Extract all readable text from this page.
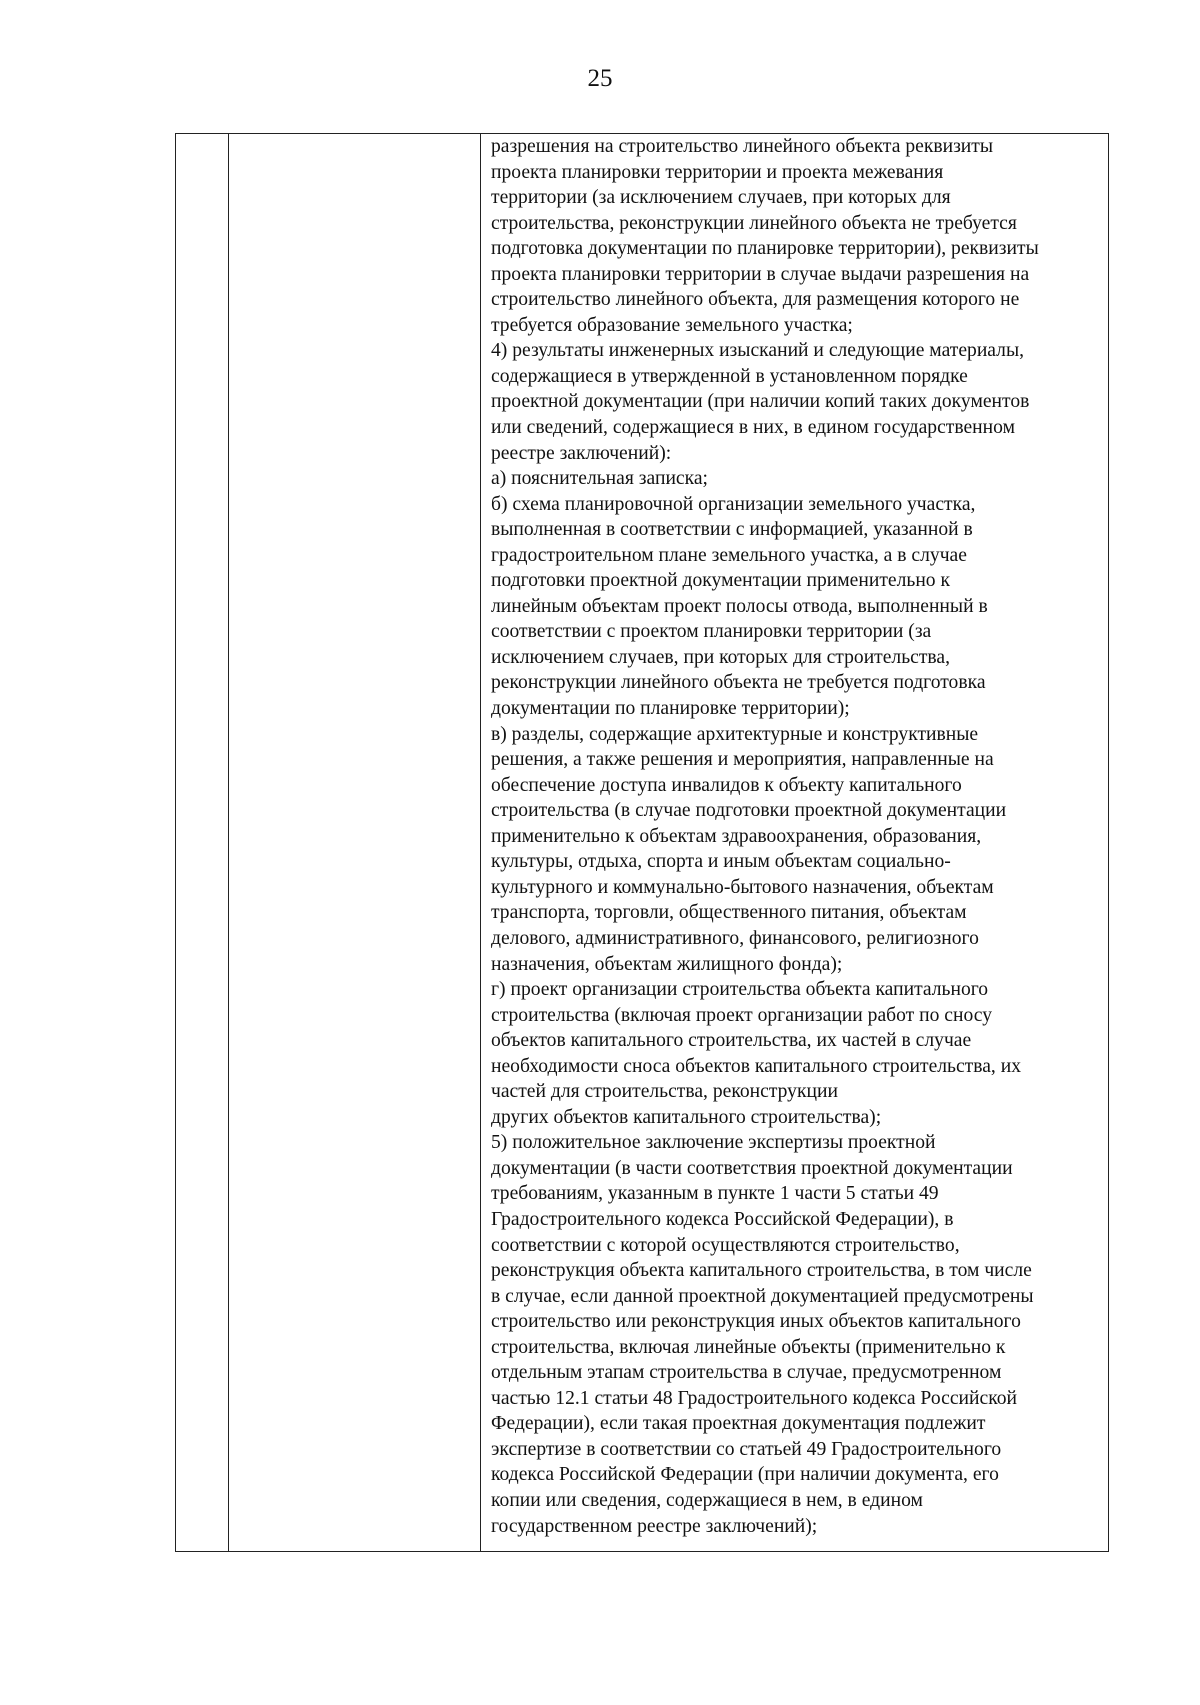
25
разрешения на строительство линейного объекта реквизиты
проекта планировки территории и проекта межевания
территории (за исключением случаев, при которых для
строительства, реконструкции линейного объекта не требуется
подготовка документации по планировке территории), реквизиты
проекта планировки территории в случае выдачи разрешения на
строительство линейного объекта, для размещения которого не
требуется образование земельного участка;
4) результаты инженерных изысканий и следующие материалы,
содержащиеся в утвержденной в установленном порядке
проектной документации (при наличии копий таких документов
или сведений, содержащиеся в них, в едином государственном
реестре заключений):
а) пояснительная записка;
б) схема планировочной организации земельного участка,
выполненная в соответствии с информацией, указанной в
градостроительном плане земельного участка, а в случае
подготовки проектной документации применительно к
линейным объектам проект полосы отвода, выполненный в
соответствии с проектом планировки территории (за
исключением случаев, при которых для строительства,
реконструкции линейного объекта не требуется подготовка
документации по планировке территории);
в) разделы, содержащие архитектурные и конструктивные
решения, а также решения и мероприятия, направленные на
обеспечение доступа инвалидов к объекту капитального
строительства (в случае подготовки проектной документации
применительно к объектам здравоохранения, образования,
культуры, отдыха, спорта и иным объектам социально-
культурного и коммунально-бытового назначения, объектам
транспорта, торговли, общественного питания, объектам
делового, административного, финансового, религиозного
назначения, объектам жилищного фонда);
г) проект организации строительства объекта капитального
строительства (включая проект организации работ по сносу
объектов капитального строительства, их частей в случае
необходимости сноса объектов капитального строительства, их
частей для строительства, реконструкции
других объектов капитального строительства);
5) положительное заключение экспертизы проектной
документации (в части соответствия проектной документации
требованиям, указанным в пункте 1 части 5 статьи 49
Градостроительного кодекса Российской Федерации), в
соответствии с которой осуществляются строительство,
реконструкция объекта капитального строительства, в том числе
в случае, если данной проектной документацией предусмотрены
строительство или реконструкция иных объектов капитального
строительства, включая линейные объекты (применительно к
отдельным этапам строительства в случае, предусмотренном
частью 12.1 статьи 48 Градостроительного кодекса Российской
Федерации), если такая проектная документация подлежит
экспертизе в соответствии со статьей 49 Градостроительного
кодекса Российской Федерации (при наличии документа, его
копии или сведения, содержащиеся в нем, в едином
государственном реестре заключений);
